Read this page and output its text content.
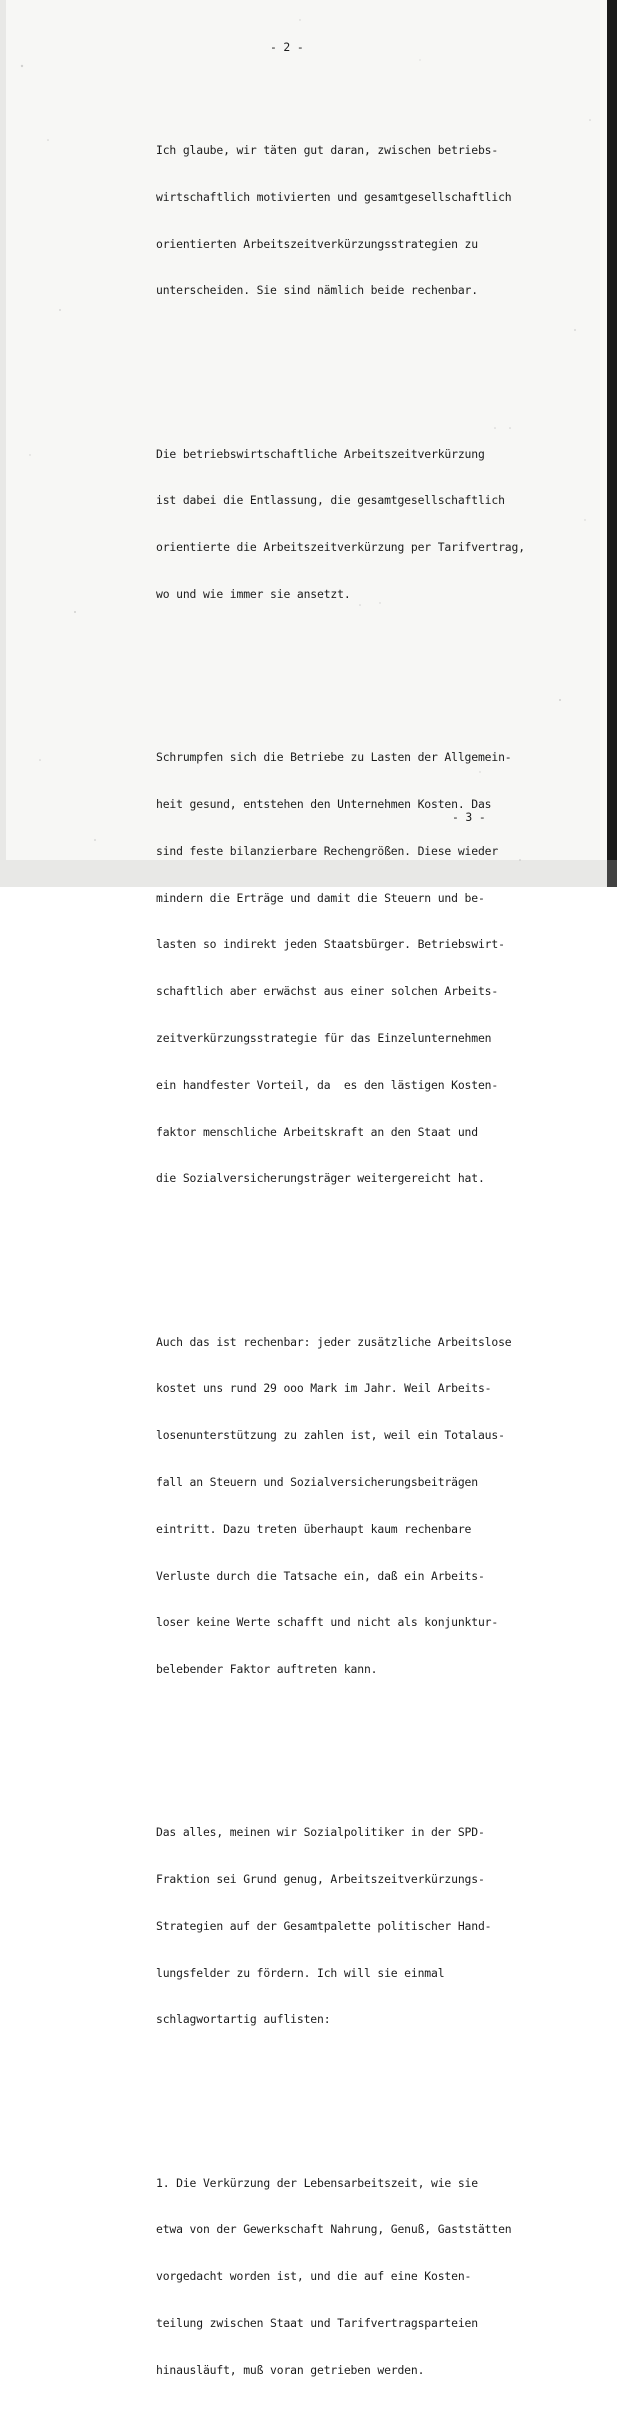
- 2 -

Ich glaube, wir täten gut daran, zwischen betriebs-

wirtschaftlich motivierten und gesamtgesellschaftlich

orientierten Arbeitszeitverkürzungsstrategien zu

unterscheiden. Sie sind nämlich beide rechenbar.

Die betriebswirtschaftliche Arbeitszeitverkürzung

ist dabei die Entlassung, die gesamtgesellschaftlich

orientierte die Arbeitszeitverkürzung per Tarifvertrag,

wo und wie immer sie ansetzt.

Schrumpfen sich die Betriebe zu Lasten der Allgemein-

heit gesund, entstehen den Unternehmen Kosten. Das

sind feste bilanzierbare Rechengrößen. Diese wieder

mindern die Erträge und damit die Steuern und be-

lasten so indirekt jeden Staatsbürger. Betriebswirt-

schaftlich aber erwächst aus einer solchen Arbeits-

zeitverkürzungsstrategie für das Einzelunternehmen

ein handfester Vorteil, da  es den lästigen Kosten-

faktor menschliche Arbeitskraft an den Staat und

die Sozialversicherungsträger weitergereicht hat.

Auch das ist rechenbar: jeder zusätzliche Arbeitslose

kostet uns rund 29 ooo Mark im Jahr. Weil Arbeits-

losenunterstützung zu zahlen ist, weil ein Totalaus-

fall an Steuern und Sozialversicherungsbeiträgen

eintritt. Dazu treten überhaupt kaum rechenbare

Verluste durch die Tatsache ein, daß ein Arbeits-

loser keine Werte schafft und nicht als konjunktur-

belebender Faktor auftreten kann.

Das alles, meinen wir Sozialpolitiker in der SPD-

Fraktion sei Grund genug, Arbeitszeitverkürzungs-

Strategien auf der Gesamtpalette politischer Hand-

lungsfelder zu fördern. Ich will sie einmal

schlagwortartig auflisten:

1. Die Verkürzung der Lebensarbeitszeit, wie sie

etwa von der Gewerkschaft Nahrung, Genuß, Gaststätten

vorgedacht worden ist, und die auf eine Kosten-

teilung zwischen Staat und Tarifvertragsparteien

hinausläuft, muß voran getrieben werden.

- 3 -
